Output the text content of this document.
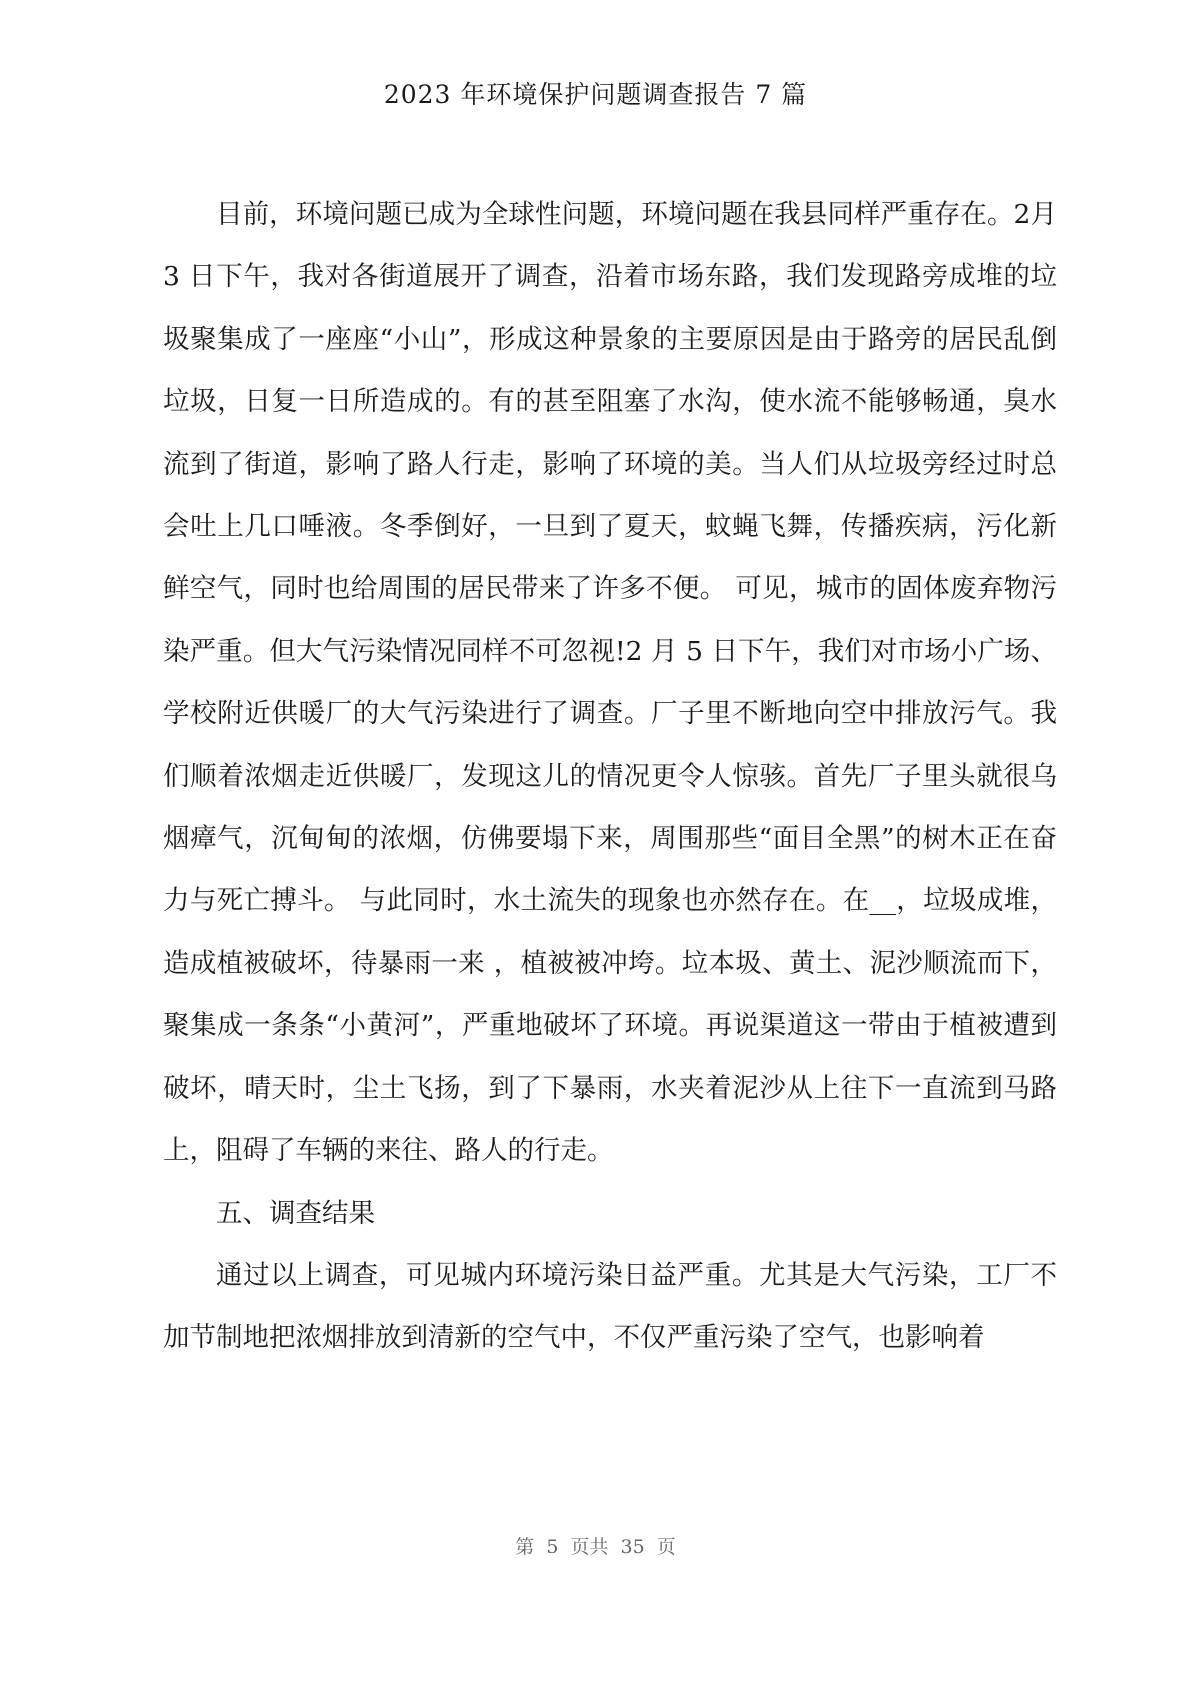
2023 年环境保护问题调查报告 7 篇

目前，环境问题已成为全球性问题，环境问题在我县同样严重存在。2月 3 日下午，我对各街道展开了调查，沿着市场东路，我们发现路旁成堆的垃圾聚集成了一座座“小山”，形成这种景象的主要原因是由于路旁的居民乱倒垃圾，日复一日所造成的。有的甚至阻塞了水沟，使水流不能够畅通，臭水流到了街道，影响了路人行走，影响了环境的美。当人们从垃圾旁经过时总会吐上几口唾液。冬季倒好，一旦到了夏天，蚊蝇飞舞，传播疾病，污化新鲜空气，同时也给周围的居民带来了许多不便。 可见，城市的固体废弃物污染严重。但大气污染情况同样不可忽视!2 月 5 日下午，我们对市场小广场、学校附近供暖厂的大气污染进行了调查。厂子里不断地向空中排放污气。我们顺着浓烟走近供暖厂，发现这儿的情况更令人惊骇。首先厂子里头就很乌烟瘴气，沉甸甸的浓烟，仿佛要塌下来，周围那些“面目全黑”的树木正在奋力与死亡搏斗。 与此同时，水土流失的现象也亦然存在。在__，垃圾成堆，造成植被破坏，待暴雨一来 ，植被被冲垮。垃本圾、黄土、泥沙顺流而下，聚集成一条条“小黄河”，严重地破坏了环境。再说渠道这一带由于植被遭到破坏，晴天时，尘土飞扬，到了下暴雨，水夹着泥沙从上往下一直流到马路上，阻碍了车辆的来往、路人的行走。

五、调查结果

通过以上调查，可见城内环境污染日益严重。尤其是大气污染，工厂不加节制地把浓烟排放到清新的空气中，不仅严重污染了空气，也影响着

第 5 页共 35 页
